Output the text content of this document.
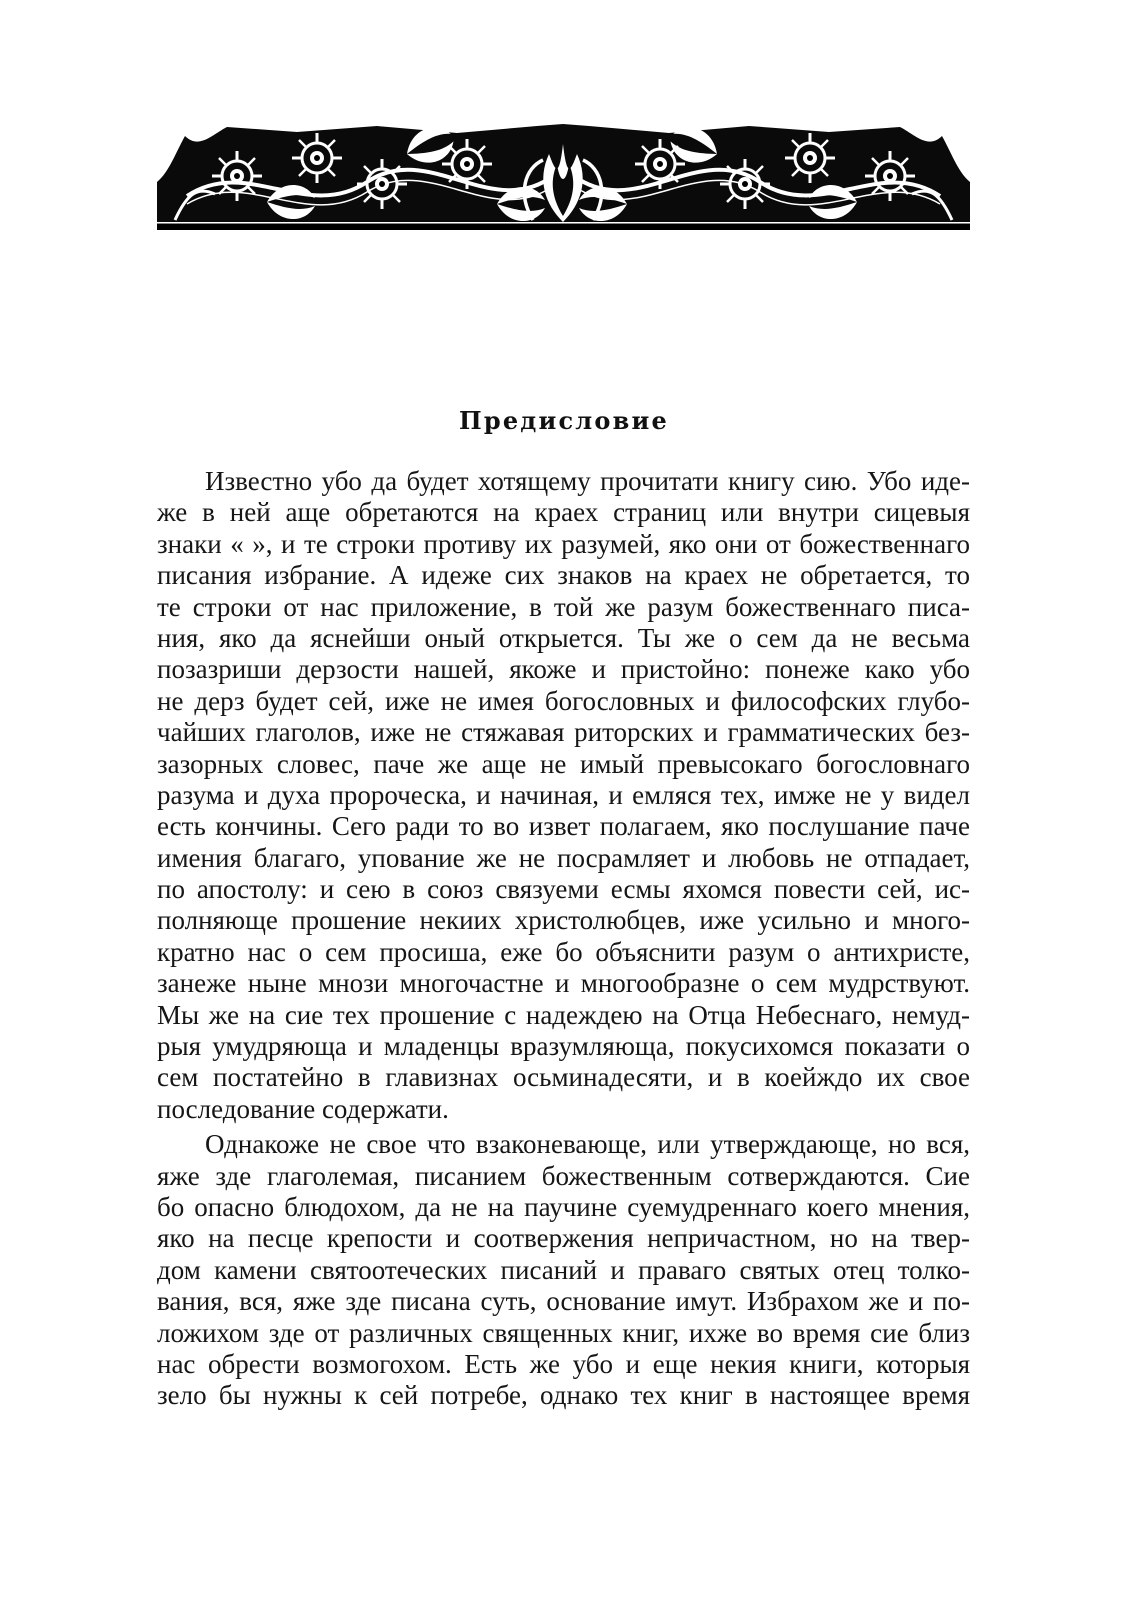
Предисловие
Известно убо да будет хотящему прочитати книгу сию. Убо иде-
же в ней аще обретаются на краех страниц или внутри сицевыя
знаки « », и те строки противу их разумей, яко они от божественнаго
писания избрание. А идеже сих знаков на краех не обретается, то
те строки от нас приложение, в той же разум божественнаго писа-
ния, яко да яснейши оный открыется. Ты же о сем да не весьма
позазриши дерзости нашей, якоже и пристойно: понеже како убо
не дерз будет сей, иже не имея богословных и философских глубо-
чайших глаголов, иже не стяжавая риторских и грамматических без-
зазорных словес, паче же аще не имый превысокаго богословнаго
разума и духа пророческа, и начиная, и емляся тех, имже не у видел
есть кончины. Сего ради то во извет полагаем, яко послушание паче
имения благаго, упование же не посрамляет и любовь не отпадает,
по апостолу: и сею в союз связуеми есмы яхомся повести сей, ис-
полняюще прошение некиих христолюбцев, иже усильно и много-
кратно нас о сем просиша, еже бо объяснити разум о антихристе,
занеже ныне мнози многочастне и многообразне о сем мудрствуют.
Мы же на сие тех прошение с надеждею на Отца Небеснаго, немуд-
рыя умудряюща и младенцы вразумляюща, покусихомся показати о
сем постатейно в главизнах осьминадесяти, и в коейждо их свое
последование содержати.
Однакоже не свое что взаконевающе, или утверждающе, но вся,
яже зде глаголемая, писанием божественным сотверждаются. Сие
бо опасно блюдохом, да не на паучине суемудреннаго коего мнения,
яко на песце крепости и соотвержения непричастном, но на твер-
дом камени святоотеческих писаний и праваго святых отец толко-
вания, вся, яже зде писана суть, основание имут. Избрахом же и по-
ложихом зде от различных священных книг, ихже во время сие близ
нас обрести возмогохом. Есть же убо и еще некия книги, которыя
зело бы нужны к сей потребе, однако тех книг в настоящее время
